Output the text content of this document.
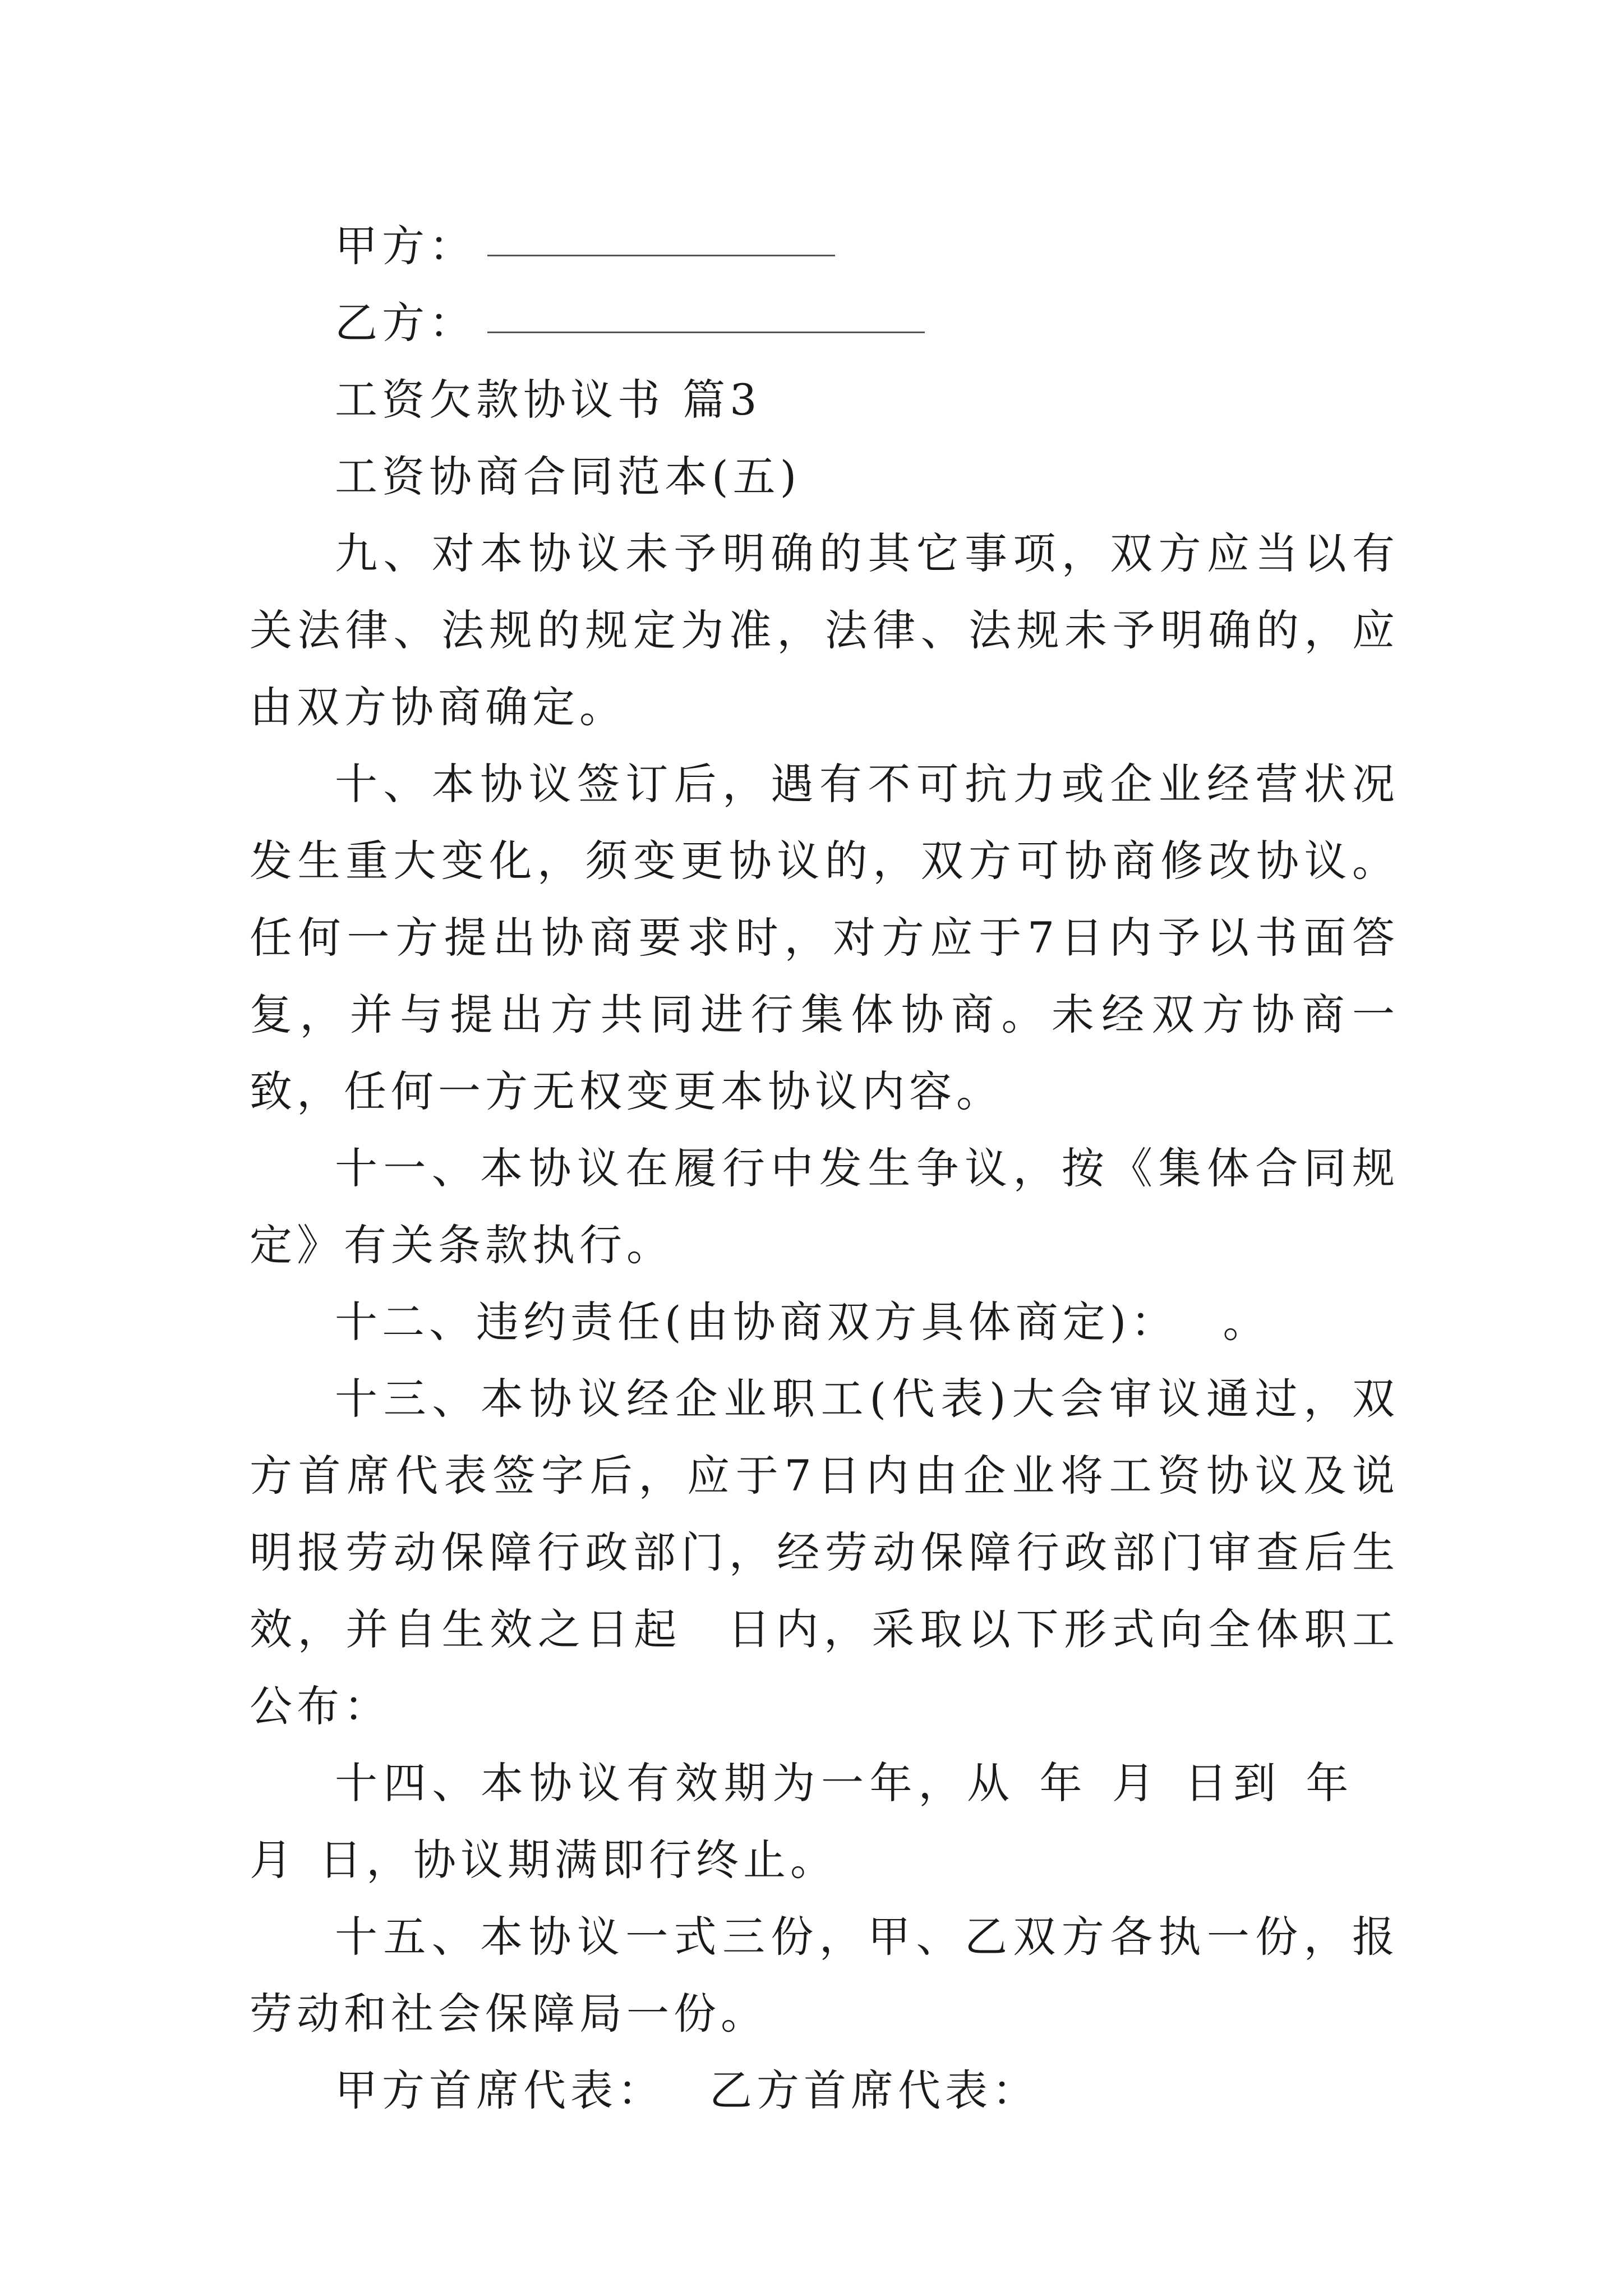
甲方：

乙方：

工资欠款协议书 篇3

工资协商合同范本(五)

九、对本协议未予明确的其它事项，双方应当以有关法律、法规的规定为准，法律、法规未予明确的，应由双方协商确定。

十、本协议签订后，遇有不可抗力或企业经营状况发生重大变化，须变更协议的，双方可协商修改协议。任何一方提出协商要求时，对方应于7日内予以书面答复，并与提出方共同进行集体协商。未经双方协商一致，任何一方无权变更本协议内容。

十一、本协议在履行中发生争议，按《集体合同规定》有关条款执行。

十二、违约责任(由协商双方具体商定)： 。

十三、本协议经企业职工(代表)大会审议通过，双方首席代表签字后，应于7日内由企业将工资协议及说明报劳动保障行政部门，经劳动保障行政部门审查后生效，并自生效之日起 日内，采取以下形式向全体职工公布：

十四、本协议有效期为一年，从 年 月 日到 年月 日，协议期满即行终止。

十五、本协议一式三份，甲、乙双方各执一份，报劳动和社会保障局一份。

甲方首席代表： 乙方首席代表：
